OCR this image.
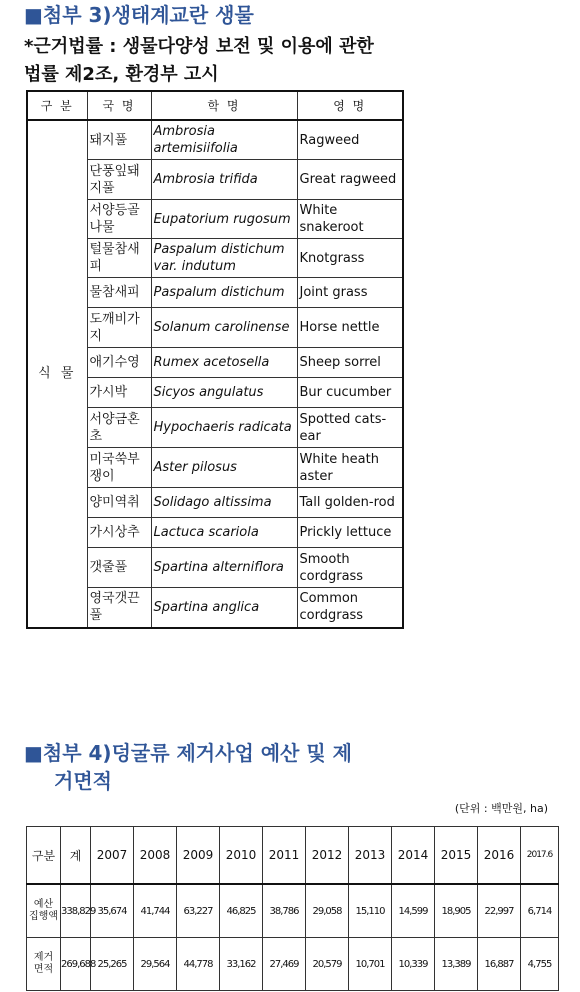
■첨부 3)생태계교란 생물
*근거법률 : 생물다양성 보전 및 이용에 관한
법률 제2조, 환경부 고시
구 분	국 명	학 명	영 명
식 물	돼지풀	Ambrosia artemisiifolia	Ragweed
	단풍잎돼지풀	Ambrosia trifida	Great ragweed
	서양등골나물	Eupatorium rugosum	White snakeroot
	털물참새피	Paspalum distichum var. indutum	Knotgrass
	물참새피	Paspalum distichum	Joint grass
	도깨비가지	Solanum carolinense	Horse nettle
	애기수영	Rumex acetosella	Sheep sorrel
	가시박	Sicyos angulatus	Bur cucumber
	서양금혼초	Hypochaeris radicata	Spotted cats-ear
	미국쑥부쟁이	Aster pilosus	White heath aster
	양미역취	Solidago altissima	Tall golden-rod
	가시상추	Lactuca scariola	Prickly lettuce
	갯줄풀	Spartina alterniflora	Smooth cordgrass
	영국갯끈풀	Spartina anglica	Common cordgrass
■첨부 4)덩굴류 제거사업 예산 및 제
거면적
(단위 : 백만원, ha)
구분	계	2007	2008	2009	2010	2011	2012	2013	2014	2015	2016	2017.6
예산
집행액	338,829	35,674	41,744	63,227	46,825	38,786	29,058	15,110	14,599	18,905	22,997	6,714
제거
면적	269,688	25,265	29,564	44,778	33,162	27,469	20,579	10,701	10,339	13,389	16,887	4,755
